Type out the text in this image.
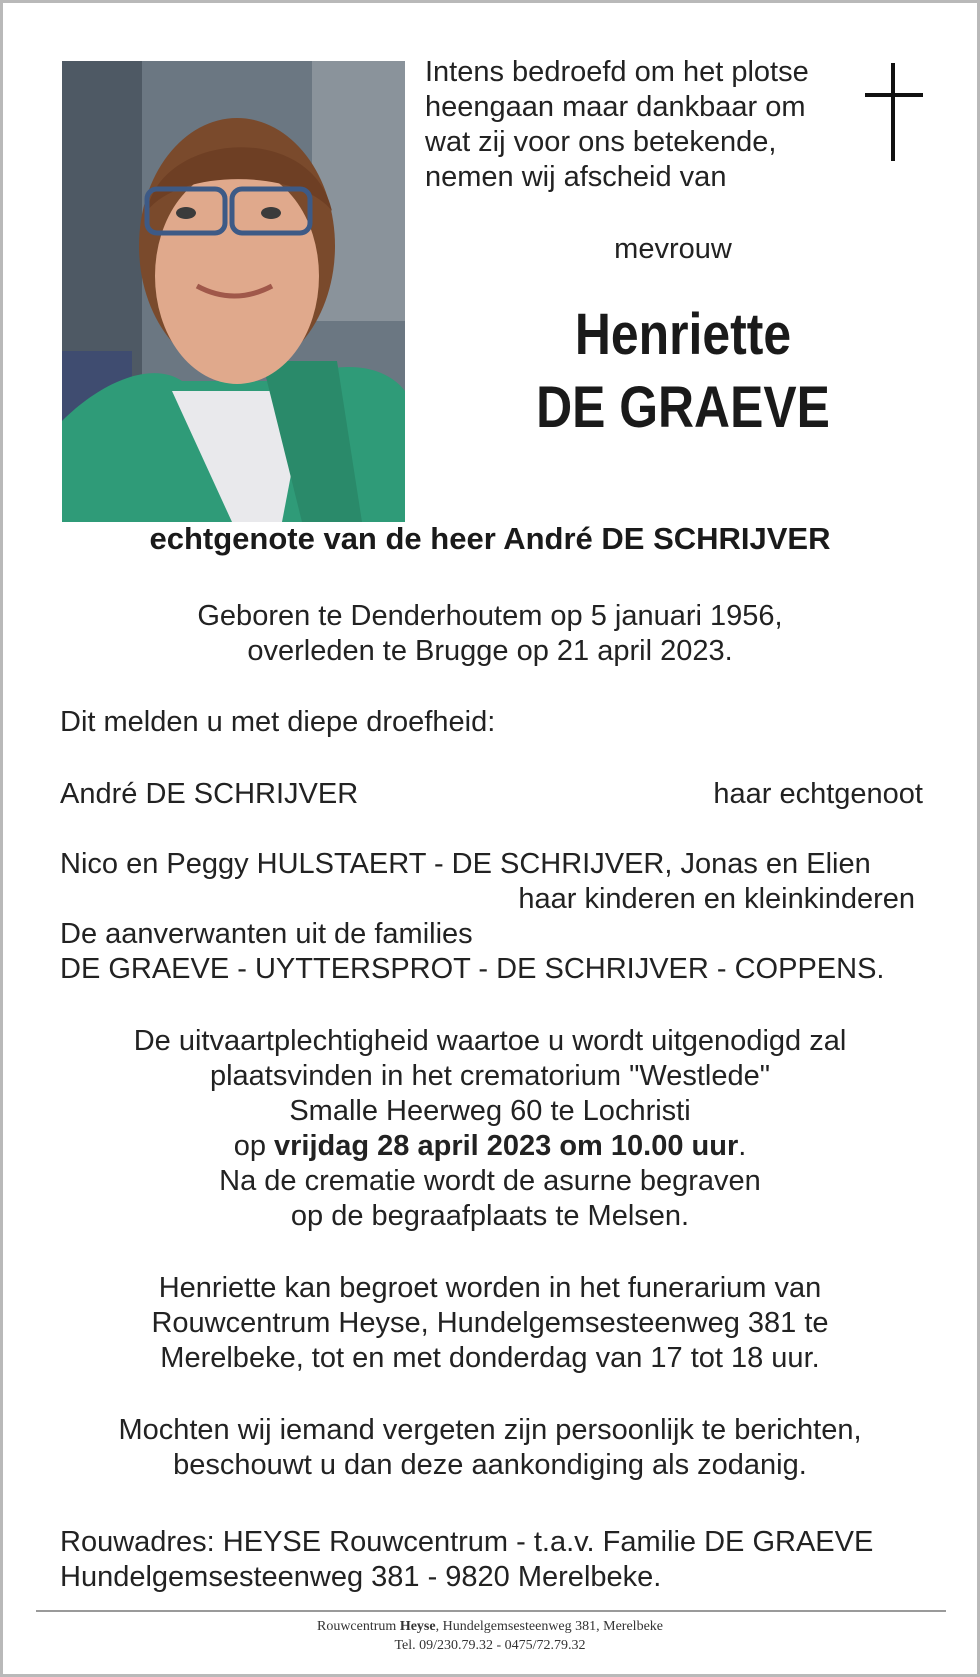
Intens bedroefd om het plotse
heengaan maar dankbaar om
wat zij voor ons betekende,
nemen wij afscheid van
mevrouw
Henriette
DE GRAEVE
echtgenote van de heer André DE SCHRIJVER
Geboren te Denderhoutem op 5 januari 1956,
overleden te Brugge op 21 april 2023.
Dit melden u met diepe droefheid:
André DE SCHRIJVER	haar echtgenoot
Nico en Peggy HULSTAERT - DE SCHRIJVER, Jonas en Elien
haar kinderen en kleinkinderen
De aanverwanten uit de families
DE GRAEVE - UYTTERSPROT - DE SCHRIJVER - COPPENS.
De uitvaartplechtigheid waartoe u wordt uitgenodigd zal
plaatsvinden in het crematorium "Westlede"
Smalle Heerweg 60 te Lochristi
op vrijdag 28 april 2023 om 10.00 uur.
Na de crematie wordt de asurne begraven
op de begraafplaats te Melsen.
Henriette kan begroet worden in het funerarium van
Rouwcentrum Heyse, Hundelgemsesteenweg 381 te
Merelbeke, tot en met donderdag van 17 tot 18 uur.
Mochten wij iemand vergeten zijn persoonlijk te berichten,
beschouwt u dan deze aankondiging als zodanig.
Rouwadres: HEYSE Rouwcentrum - t.a.v. Familie DE GRAEVE
Hundelgemsesteenweg 381 - 9820 Merelbeke.
Rouwcentrum Heyse, Hundelgemsesteenweg 381, Merelbeke
Tel. 09/230.79.32 - 0475/72.79.32
